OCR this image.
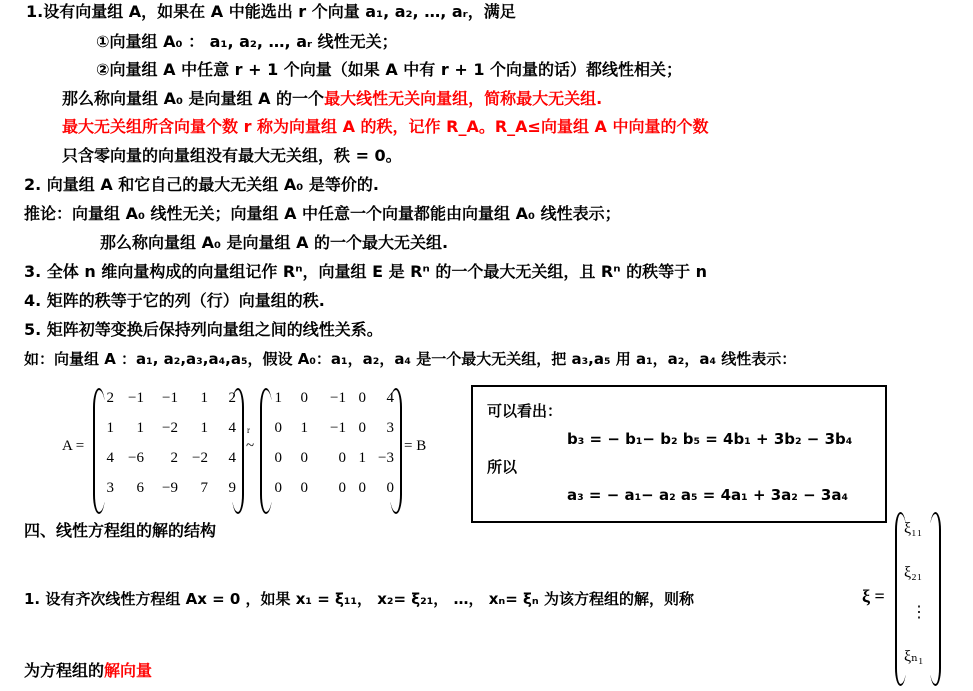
1.设有向量组 A，如果在 A 中能选出 r 个向量 a₁, a₂, …, aᵣ，满足
①向量组 A₀ ： a₁, a₂, …, aᵣ 线性无关；
②向量组 A 中任意 r + 1 个向量（如果 A 中有 r + 1 个向量的话）都线性相关；
那么称向量组 A₀ 是向量组 A 的一个最大线性无关向量组，简称最大无关组.
最大无关组所含向量个数 r 称为向量组 A 的秩，记作 R_A。R_A≤向量组 A 中向量的个数
只含零向量的向量组没有最大无关组，秩 = 0。
2. 向量组 A 和它自己的最大无关组 A₀ 是等价的.
推论：向量组 A₀ 线性无关；向量组 A 中任意一个向量都能由向量组 A₀ 线性表示；
那么称向量组 A₀ 是向量组 A 的一个最大无关组.
3. 全体 n 维向量构成的向量组记作 Rⁿ，向量组 E 是 Rⁿ 的一个最大无关组，且 Rⁿ 的秩等于 n
4. 矩阵的秩等于它的列（行）向量组的秩.
5. 矩阵初等变换后保持列向量组之间的线性关系。
如：向量组 A ：a₁, a₂,a₃,a₄,a₅，假设 A₀：a₁，a₂，a₄ 是一个最大无关组，把 a₃,a₅ 用 a₁，a₂，a₄ 线性表示：
A =
2 −1	−1	1	2
1	1	−2	1	4
4 −6	2 −2	4
3	6	−9	7	9
r
~
1	0	−1 0	4
0	1	−1 0	3
0	0	0 1 −3
0	0	0 0	0
= B
可以看出：
b₃ = − b₁− b₂ b₅ = 4b₁ + 3b₂ − 3b₄
所以
a₃ = − a₁− a₂ a₅ = 4a₁ + 3a₂ − 3a₄
四、线性方程组的解的结构
1. 设有齐次线性方程组 Ax = 0 ，如果 x₁ = ξ₁₁， x₂= ξ₂₁， …， xₙ= ξₙ 为该方程组的解，则称
为方程组的解向量
ξ =
ξ₁₁
ξ₂₁
⋮
ξₙ₁
